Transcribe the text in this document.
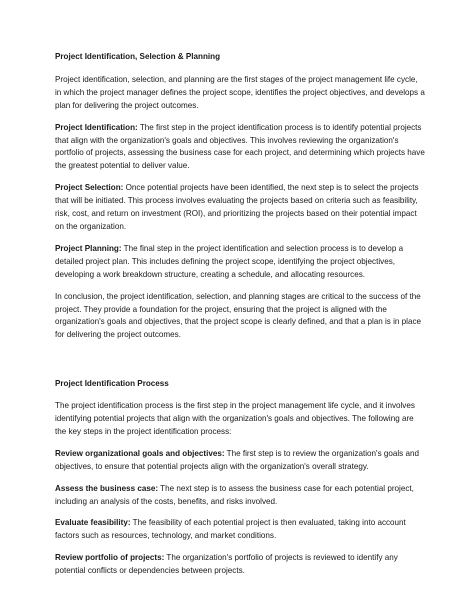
Project Identification, Selection & Planning

Project identification, selection, and planning are the first stages of the project management life cycle, in which the project manager defines the project scope, identifies the project objectives, and develops a plan for delivering the project outcomes.

Project Identification: The first step in the project identification process is to identify potential projects that align with the organization's goals and objectives. This involves reviewing the organization's portfolio of projects, assessing the business case for each project, and determining which projects have the greatest potential to deliver value.

Project Selection: Once potential projects have been identified, the next step is to select the projects that will be initiated. This process involves evaluating the projects based on criteria such as feasibility, risk, cost, and return on investment (ROI), and prioritizing the projects based on their potential impact on the organization.

Project Planning: The final step in the project identification and selection process is to develop a detailed project plan. This includes defining the project scope, identifying the project objectives, developing a work breakdown structure, creating a schedule, and allocating resources.

In conclusion, the project identification, selection, and planning stages are critical to the success of the project. They provide a foundation for the project, ensuring that the project is aligned with the organization's goals and objectives, that the project scope is clearly defined, and that a plan is in place for delivering the project outcomes.

Project Identification Process

The project identification process is the first step in the project management life cycle, and it involves identifying potential projects that align with the organization's goals and objectives. The following are the key steps in the project identification process:

Review organizational goals and objectives: The first step is to review the organization's goals and objectives, to ensure that potential projects align with the organization's overall strategy.

Assess the business case: The next step is to assess the business case for each potential project, including an analysis of the costs, benefits, and risks involved.

Evaluate feasibility: The feasibility of each potential project is then evaluated, taking into account factors such as resources, technology, and market conditions.

Review portfolio of projects: The organization's portfolio of projects is reviewed to identify any potential conflicts or dependencies between projects.
